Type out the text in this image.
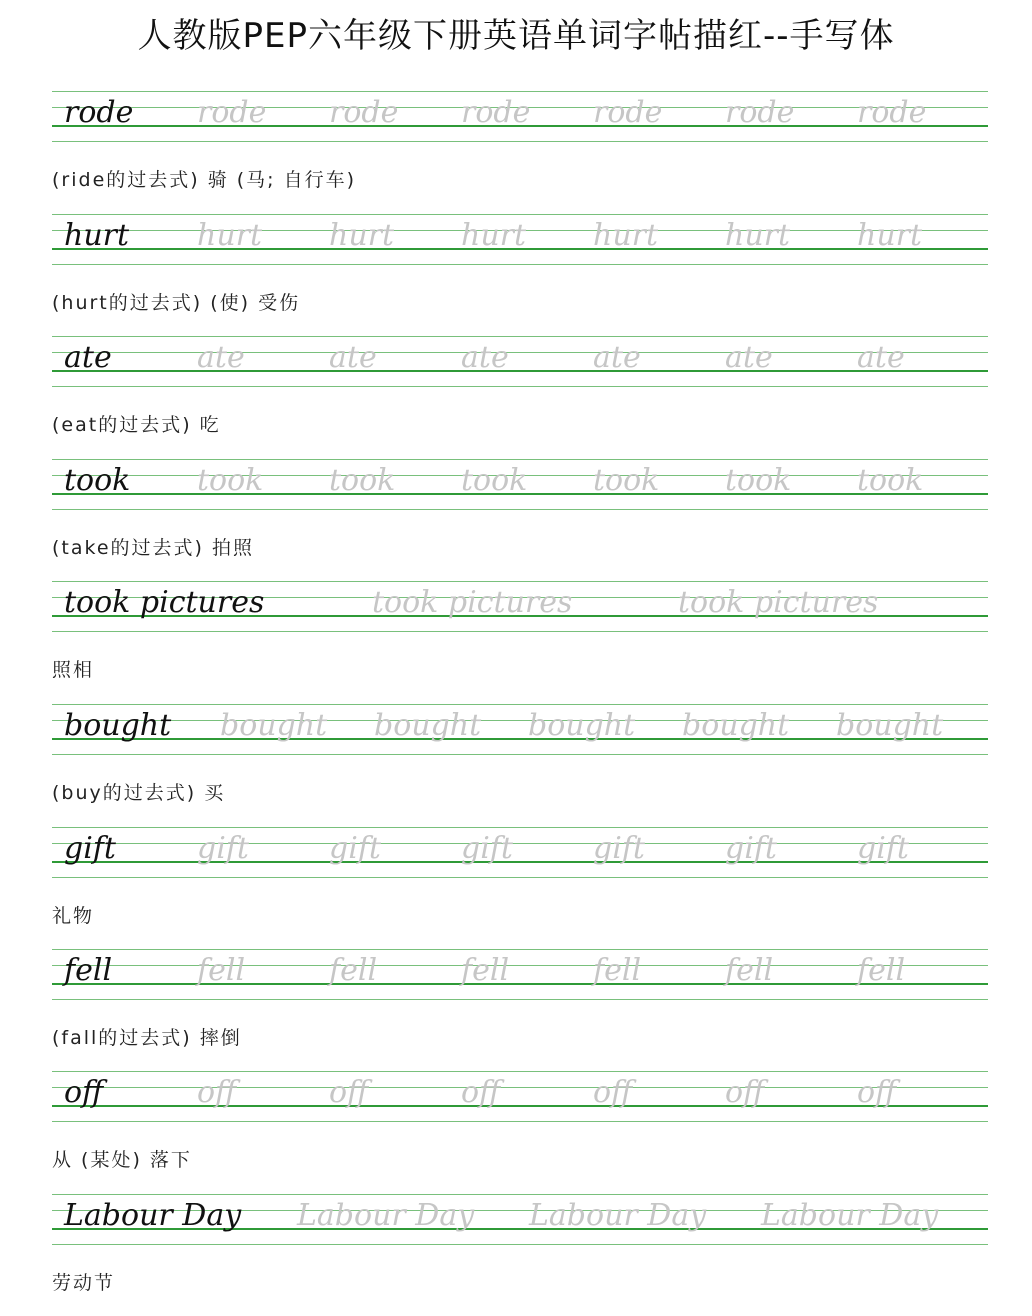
人教版PEP六年级下册英语单词字帖描红--手写体
rode rode rode rode rode rode rode
(ride的过去式) 骑 (马; 自行车)
hurt hurt hurt hurt hurt hurt hurt
(hurt的过去式) (使) 受伤
ate	ate	ate	ate	ate	ate	ate
(eat的过去式) 吃
took took took took took took took
(take的过去式) 拍照
took pictures	took pictures	took pictures
照相
bought bought bought bought bought bought
(buy的过去式) 买
gift	gift	gift	gift	gift	gift	gift
礼物
fell	fell	fell	fell	fell	fell	fell
(fall的过去式) 摔倒
off	off	off	off	off	off	off
从 (某处) 落下
Labour Day Labour Day Labour Day Labour Day
劳动节
